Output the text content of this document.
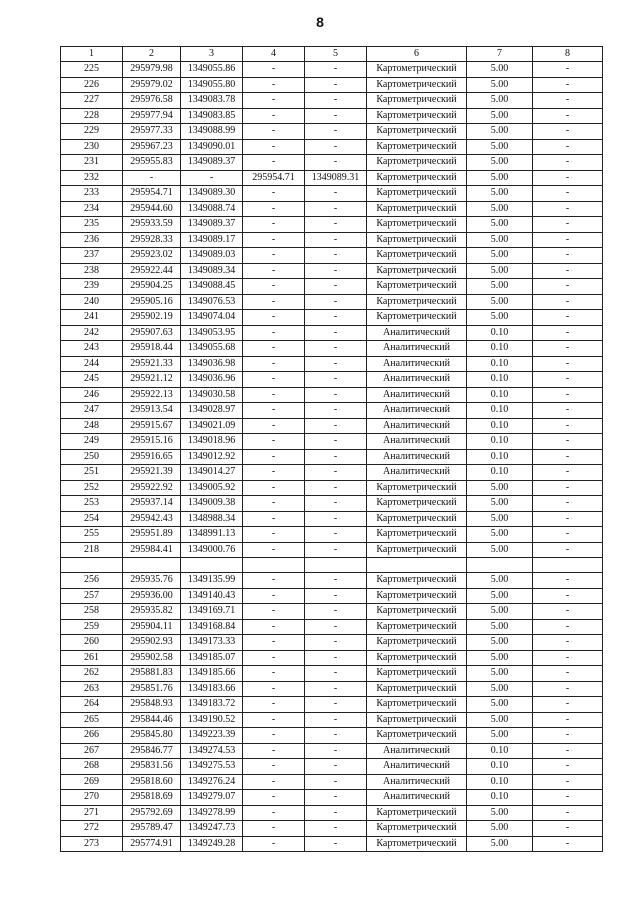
8
1	2	3	4	5	6	7	8
225	295979.98	1349055.86	-	-	Картометрический	5.00	-
226	295979.02	1349055.80	-	-	Картометрический	5.00	-
227	295976.58	1349083.78	-	-	Картометрический	5.00	-
228	295977.94	1349083.85	-	-	Картометрический	5.00	-
229	295977.33	1349088.99	-	-	Картометрический	5.00	-
230	295967.23	1349090.01	-	-	Картометрический	5.00	-
231	295955.83	1349089.37	-	-	Картометрический	5.00	-
232	-	-	295954.71	1349089.31	Картометрический	5.00	-
233	295954.71	1349089.30	-	-	Картометрический	5.00	-
234	295944.60	1349088.74	-	-	Картометрический	5.00	-
235	295933.59	1349089.37	-	-	Картометрический	5.00	-
236	295928.33	1349089.17	-	-	Картометрический	5.00	-
237	295923.02	1349089.03	-	-	Картометрический	5.00	-
238	295922.44	1349089.34	-	-	Картометрический	5.00	-
239	295904.25	1349088.45	-	-	Картометрический	5.00	-
240	295905.16	1349076.53	-	-	Картометрический	5.00	-
241	295902.19	1349074.04	-	-	Картометрический	5.00	-
242	295907.63	1349053.95	-	-	Аналитический	0.10	-
243	295918.44	1349055.68	-	-	Аналитический	0.10	-
244	295921.33	1349036.98	-	-	Аналитический	0.10	-
245	295921.12	1349036.96	-	-	Аналитический	0.10	-
246	295922.13	1349030.58	-	-	Аналитический	0.10	-
247	295913.54	1349028.97	-	-	Аналитический	0.10	-
248	295915.67	1349021.09	-	-	Аналитический	0.10	-
249	295915.16	1349018.96	-	-	Аналитический	0.10	-
250	295916.65	1349012.92	-	-	Аналитический	0.10	-
251	295921.39	1349014.27	-	-	Аналитический	0.10	-
252	295922.92	1349005.92	-	-	Картометрический	5.00	-
253	295937.14	1349009.38	-	-	Картометрический	5.00	-
254	295942.43	1348988.34	-	-	Картометрический	5.00	-
255	295951.89	1348991.13	-	-	Картометрический	5.00	-
218	295984.41	1349000.76	-	-	Картометрический	5.00	-

256	295935.76	1349135.99	-	-	Картометрический	5.00	-
257	295936.00	1349140.43	-	-	Картометрический	5.00	-
258	295935.82	1349169.71	-	-	Картометрический	5.00	-
259	295904.11	1349168.84	-	-	Картометрический	5.00	-
260	295902.93	1349173.33	-	-	Картометрический	5.00	-
261	295902.58	1349185.07	-	-	Картометрический	5.00	-
262	295881.83	1349185.66	-	-	Картометрический	5.00	-
263	295851.76	1349183.66	-	-	Картометрический	5.00	-
264	295848.93	1349183.72	-	-	Картометрический	5.00	-
265	295844.46	1349190.52	-	-	Картометрический	5.00	-
266	295845.80	1349223.39	-	-	Картометрический	5.00	-
267	295846.77	1349274.53	-	-	Аналитический	0.10	-
268	295831.56	1349275.53	-	-	Аналитический	0.10	-
269	295818.60	1349276.24	-	-	Аналитический	0.10	-
270	295818.69	1349279.07	-	-	Аналитический	0.10	-
271	295792.69	1349278.99	-	-	Картометрический	5.00	-
272	295789.47	1349247.73	-	-	Картометрический	5.00	-
273	295774.91	1349249.28	-	-	Картометрический	5.00	-
